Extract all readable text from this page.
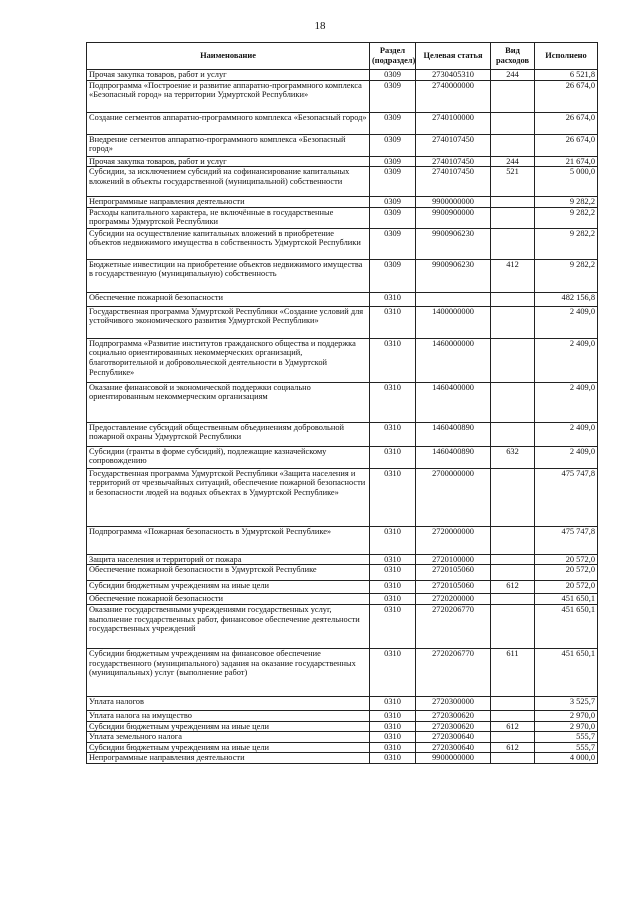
18
Наименование	Раздел (подраздел)	Целевая статья	Вид расходов	Исполнено
Прочая закупка товаров, работ и услуг	0309	2730405310	244	6 521,8
Подпрограмма «Построение и развитие аппаратно-программного комплекса «Безопасный город» на территории Удмуртской Республики»	0309	2740000000		26 674,0
Создание сегментов аппаратно-программного комплекса «Безопасный город»	0309	2740100000		26 674,0
Внедрение сегментов аппаратно-программного комплекса «Безопасный город»	0309	2740107450		26 674,0
Прочая закупка товаров, работ и услуг	0309	2740107450	244	21 674,0
Субсидии, за исключением субсидий на софинансирование капитальных вложений в объекты государственной (муниципальной) собственности	0309	2740107450	521	5 000,0
Непрограммные направления деятельности	0309	9900000000		9 282,2
Расходы капитального характера, не включённые в государственные программы Удмуртской Республики	0309	9900900000		9 282,2
Субсидии на осуществление капитальных вложений в приобретение объектов недвижимого имущества в собственность Удмуртской Республики	0309	9900906230		9 282,2
Бюджетные инвестиции на приобретение объектов недвижимого имущества в государственную (муниципальную) собственность	0309	9900906230	412	9 282,2
Обеспечение пожарной безопасности	0310			482 156,8
Государственная программа Удмуртской Республики «Создание условий для устойчивого экономического развития Удмуртской Республики»	0310	1400000000		2 409,0
Подпрограмма «Развитие институтов гражданского общества и поддержка социально ориентированных некоммерческих организаций, благотворительной и добровольческой деятельности в Удмуртской Республике»	0310	1460000000		2 409,0
Оказание финансовой и экономической поддержки социально ориентированным некоммерческим организациям	0310	1460400000		2 409,0
Предоставление субсидий общественным объединениям добровольной пожарной охраны Удмуртской Республики	0310	1460400890		2 409,0
Субсидии (гранты в форме субсидий), подлежащие казначейскому сопровождению	0310	1460400890	632	2 409,0
Государственная программа Удмуртской Республики «Защита населения и территорий от чрезвычайных ситуаций, обеспечение пожарной безопасности и безопасности людей на водных объектах в Удмуртской Республике»	0310	2700000000		475 747,8
Подпрограмма «Пожарная безопасность в Удмуртской Республике»	0310	2720000000		475 747,8
Защита населения и территорий от пожара	0310	2720100000		20 572,0
Обеспечение пожарной безопасности в Удмуртской Республике	0310	2720105060		20 572,0
Субсидии бюджетным учреждениям на иные цели	0310	2720105060	612	20 572,0
Обеспечение пожарной безопасности	0310	2720200000		451 650,1
Оказание государственными учреждениями государственных услуг, выполнение государственных работ, финансовое обеспечение деятельности государственных учреждений	0310	2720206770		451 650,1
Субсидии бюджетным учреждениям на финансовое обеспечение государственного (муниципального) задания на оказание государственных (муниципальных) услуг (выполнение работ)	0310	2720206770	611	451 650,1
Уплата налогов	0310	2720300000		3 525,7
Уплата налога на имущество	0310	2720300620		2 970,0
Субсидии бюджетным учреждениям на иные цели	0310	2720300620	612	2 970,0
Уплата земельного налога	0310	2720300640		555,7
Субсидии бюджетным учреждениям на иные цели	0310	2720300640	612	555,7
Непрограммные направления деятельности	0310	9900000000		4 000,0
